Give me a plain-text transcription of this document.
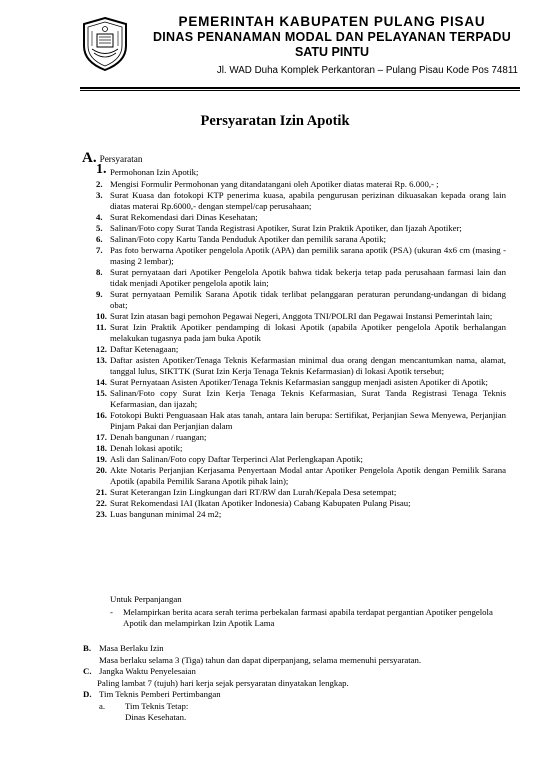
PEMERINTAH KABUPATEN PULANG PISAU
DINAS PENANAMAN MODAL DAN PELAYANAN TERPADU
SATU PINTU
Jl. WAD Duha Komplek Perkantoran – Pulang Pisau Kode Pos 74811
Persyaratan Izin Apotik
A. Persyaratan
1. Permohonan Izin Apotik;
2. Mengisi Formulir Permohonan yang ditandatangani oleh Apotiker diatas materai Rp. 6.000,- ;
3. Surat Kuasa dan fotokopi KTP penerima kuasa, apabila pengurusan perizinan dikuasakan kepada orang lain diatas materai Rp.6000,- dengan stempel/cap perusahaan;
4. Surat Rekomendasi dari Dinas Kesehatan;
5. Salinan/Foto copy Surat Tanda Registrasi Apotiker, Surat Izin Praktik Apotiker, dan Ijazah Apotiker;
6. Salinan/Foto copy Kartu Tanda Penduduk Apotiker dan pemilik sarana Apotik;
7. Pas foto berwarna Apotiker pengelola Apotik (APA) dan pemilik sarana apotik (PSA) (ukuran 4x6 cm (masing - masing 2 lembar);
8. Surat pernyataan dari Apotiker Pengelola Apotik bahwa tidak bekerja tetap pada perusahaan farmasi lain dan tidak menjadi Apotiker pengelola apotik lain;
9. Surat pernyataan Pemilik Sarana Apotik tidak terlibat pelanggaran peraturan perundang-undangan di bidang obat;
10. Surat Izin atasan bagi pemohon Pegawai Negeri, Anggota TNI/POLRI dan Pegawai Instansi Pemerintah lain;
11. Surat Izin Praktik Apotiker pendamping di lokasi Apotik (apabila Apotiker pengelola Apotik berhalangan melakukan tugasnya pada jam buka Apotik
12. Daftar Ketenagaan;
13. Daftar asisten Apotiker/Tenaga Teknis Kefarmasian minimal dua orang dengan mencantumkan nama, alamat, tanggal lulus, SIKTTK (Surat Izin Kerja Tenaga Teknis Kefarmasian) di lokasi Apotik tersebut;
14. Surat Pernyataan Asisten Apotiker/Tenaga Teknis Kefarmasian sanggup menjadi asisten Apotiker di Apotik;
15. Salinan/Foto copy Surat Izin Kerja Tenaga Teknis Kefarmasian, Surat Tanda Registrasi Tenaga Teknis Kefarmasian, dan ijazah;
16. Fotokopi Bukti Penguasaan Hak atas tanah, antara lain berupa: Sertifikat, Perjanjian Sewa Menyewa, Perjanjian Pinjam Pakai dan Perjanjian dalam
17. Denah bangunan / ruangan;
18. Denah lokasi apotik;
19. Asli dan Salinan/Foto copy Daftar Terperinci Alat Perlengkapan Apotik;
20. Akte Notaris Perjanjian Kerjasama Penyertaan Modal antar Apotiker Pengelola Apotik dengan Pemilik Sarana Apotik (apabila Pemilik Sarana Apotik pihak lain);
21. Surat Keterangan Izin Lingkungan dari RT/RW dan Lurah/Kepala Desa setempat;
22. Surat Rekomendasi IAI (Ikatan Apotiker Indonesia) Cabang Kabupaten Pulang Pisau;
23. Luas bangunan minimal 24 m2;
Untuk Perpanjangan
- Melampirkan berita acara serah terima perbekalan farmasi apabila terdapat pergantian Apotiker pengelola Apotik dan melampirkan Izin Apotik Lama
B. Masa Berlaku Izin
Masa berlaku selama 3 (Tiga) tahun dan dapat diperpanjang, selama memenuhi persyaratan.
C. Jangka Waktu Penyelesaian
Paling lambat 7 (tujuh) hari kerja sejak persyaratan dinyatakan lengkap.
D. Tim Teknis Pemberi Pertimbangan
a.	Tim Teknis Tetap:
Dinas Kesehatan.
